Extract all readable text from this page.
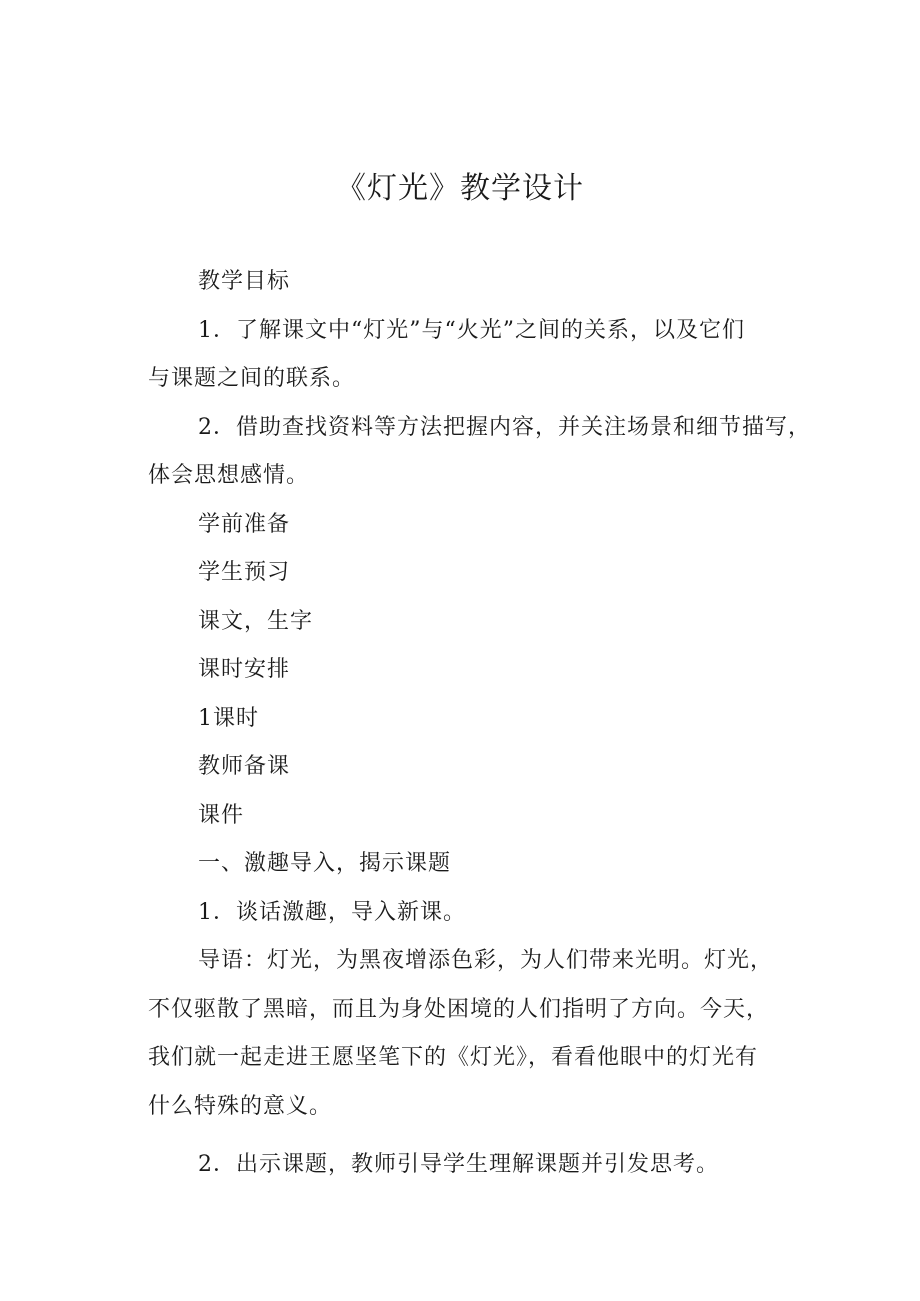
《灯光》教学设计

教学目标

1．了解课文中“灯光”与“火光”之间的关系，以及它们
与课题之间的联系。
2．借助查找资料等方法把握内容，并关注场景和细节描写，
体会思想感情。

学前准备

学生预习

课文，生字

课时安排

1课时

教师备课

课件

一、激趣导入，揭示课题

1．谈话激趣，导入新课。

导语：灯光，为黑夜增添色彩，为人们带来光明。灯光，
不仅驱散了黑暗，而且为身处困境的人们指明了方向。今天，
我们就一起走进王愿坚笔下的《灯光》，看看他眼中的灯光有
什么特殊的意义。

2．出示课题，教师引导学生理解课题并引发思考。
